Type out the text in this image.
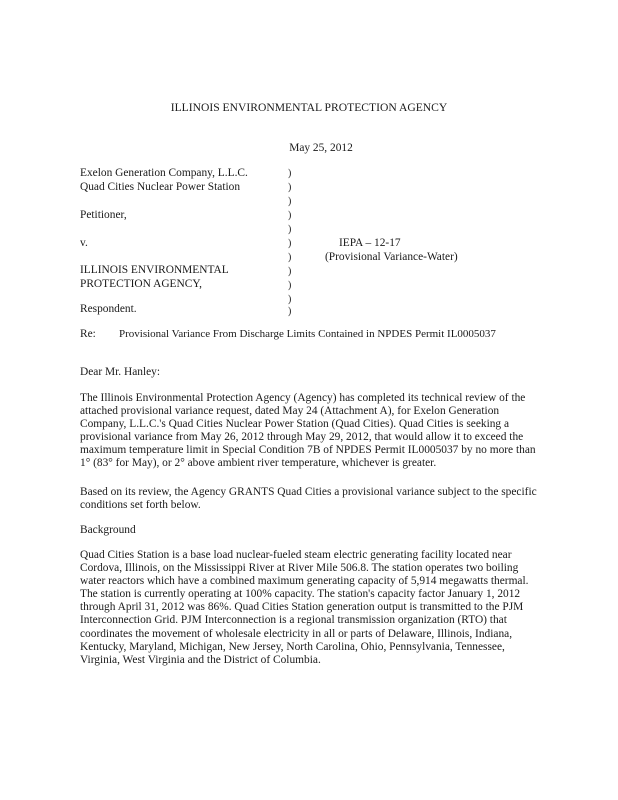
ILLINOIS ENVIRONMENTAL PROTECTION AGENCY
May 25, 2012
Exelon Generation Company, L.L.C.
Quad Cities Nuclear Power Station
Petitioner,
v.
ILLINOIS ENVIRONMENTAL
PROTECTION AGENCY,
Respondent.
)
)
)
)
)
)
)
)
)
)
)
IEPA – 12-17
(Provisional Variance-Water)
Re: Provisional Variance From Discharge Limits Contained in NPDES Permit IL0005037
Dear Mr. Hanley:
The Illinois Environmental Protection Agency (Agency) has completed its technical review of the attached provisional variance request, dated May 24 (Attachment A), for Exelon Generation Company, L.L.C.'s Quad Cities Nuclear Power Station (Quad Cities). Quad Cities is seeking a provisional variance from May 26, 2012 through May 29, 2012, that would allow it to exceed the maximum temperature limit in Special Condition 7B of NPDES Permit IL0005037 by no more than 1° (83° for May), or 2° above ambient river temperature, whichever is greater.
Based on its review, the Agency GRANTS Quad Cities a provisional variance subject to the specific conditions set forth below.
Background
Quad Cities Station is a base load nuclear-fueled steam electric generating facility located near Cordova, Illinois, on the Mississippi River at River Mile 506.8. The station operates two boiling water reactors which have a combined maximum generating capacity of 5,914 megawatts thermal. The station is currently operating at 100% capacity. The station's capacity factor January 1, 2012 through April 31, 2012 was 86%. Quad Cities Station generation output is transmitted to the PJM Interconnection Grid. PJM Interconnection is a regional transmission organization (RTO) that coordinates the movement of wholesale electricity in all or parts of Delaware, Illinois, Indiana, Kentucky, Maryland, Michigan, New Jersey, North Carolina, Ohio, Pennsylvania, Tennessee, Virginia, West Virginia and the District of Columbia.
